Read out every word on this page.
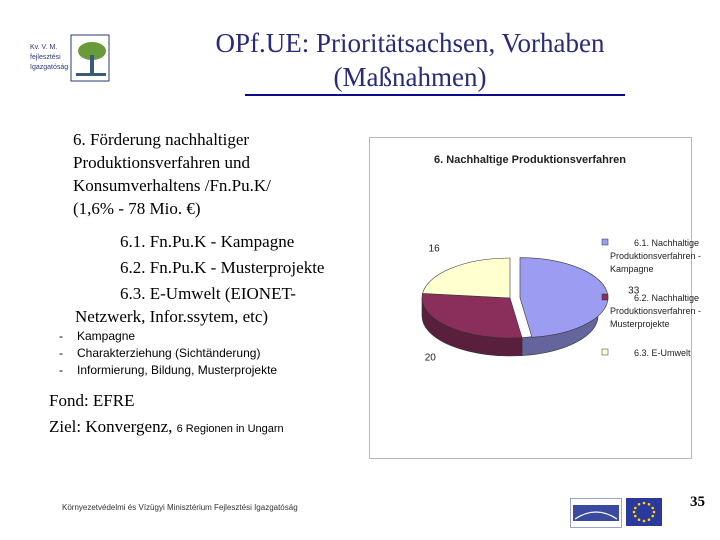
Kv. V. M.
fejlesztési
Igazgatóság
OPf.UE: Prioritätsachsen, Vorhaben
(Maßnahmen)
6. Förderung nachhaltiger
Produktionsverfahren und
Konsumverhaltens /Fn.Pu.K/
(1,6% - 78 Mio. €)
6.1. Fn.Pu.K - Kampagne
6.2. Fn.Pu.K - Musterprojekte
6.3. E-Umwelt (EIONET-
Netzwerk, Infor.ssytem, etc)
-	Kampagne
-	Charakterziehung (Sichtänderung)
-	Informierung, Bildung, Musterprojekte
Fond: EFRE
Ziel: Konvergenz, 6 Regionen in Ungarn
6. Nachhaltige Produktionsverfahren
33
20
16
6.1. Nachhaltige
Produktionsverfahren -
Kampagne
6.2. Nachhaltige
Produktionsverfahren -
Musterprojekte
6.3. E-Umwelt
Környezetvédelmi és Vízügyi Minisztérium Fejlesztési Igazgatóság	35
